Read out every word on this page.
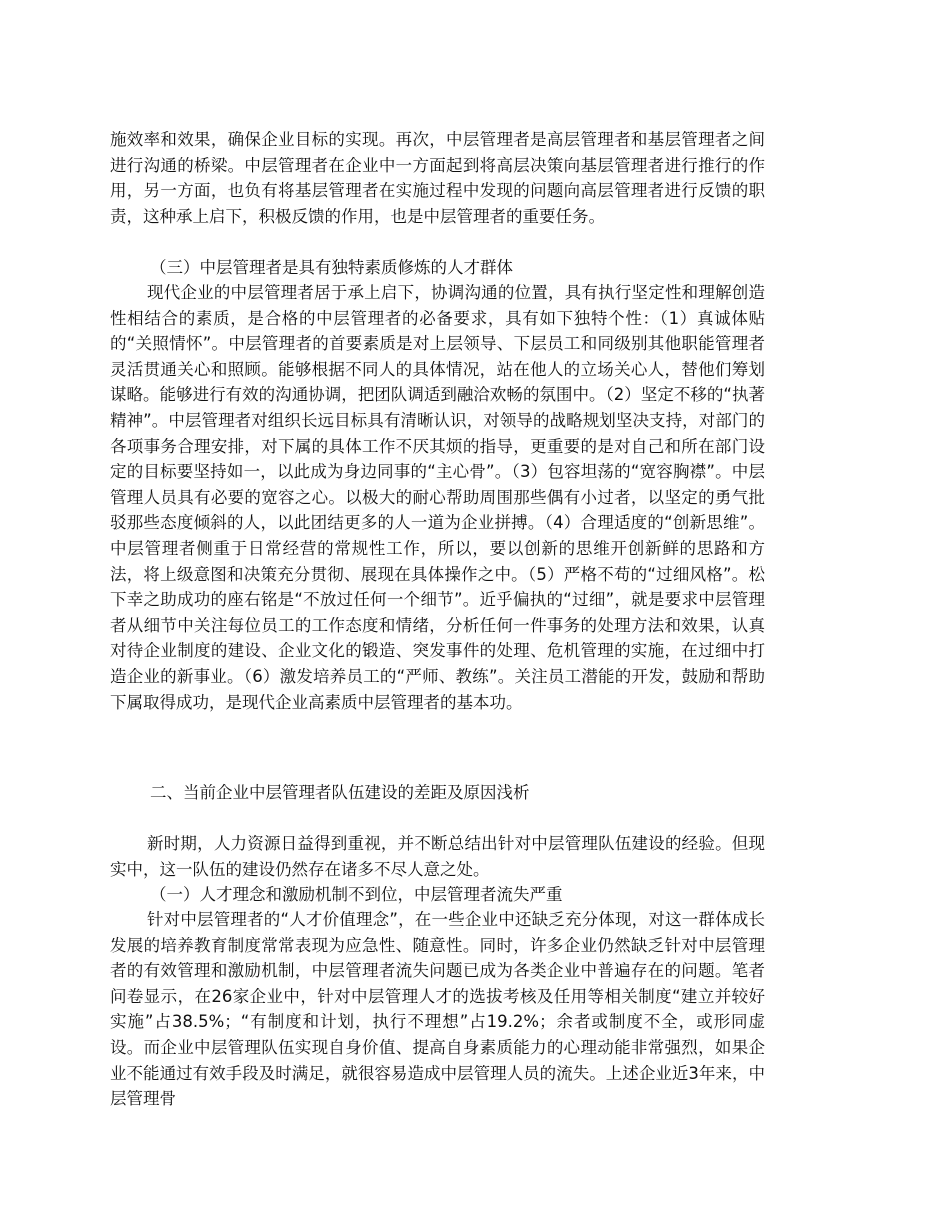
施效率和效果，确保企业目标的实现。再次，中层管理者是高层管理者和基层管理者之间进行沟通的桥梁。中层管理者在企业中一方面起到将高层决策向基层管理者进行推行的作用，另一方面，也负有将基层管理者在实施过程中发现的问题向高层管理者进行反馈的职责，这种承上启下，积极反馈的作用，也是中层管理者的重要任务。

（三）中层管理者是具有独特素质修炼的人才群体

现代企业的中层管理者居于承上启下，协调沟通的位置，具有执行坚定性和理解创造性相结合的素质，是合格的中层管理者的必备要求，具有如下独特个性：（1）真诚体贴的“关照情怀”。中层管理者的首要素质是对上层领导、下层员工和同级别其他职能管理者灵活贯通关心和照顾。能够根据不同人的具体情况，站在他人的立场关心人，替他们筹划谋略。能够进行有效的沟通协调，把团队调适到融洽欢畅的氛围中。（2）坚定不移的“执著精神”。中层管理者对组织长远目标具有清晰认识，对领导的战略规划坚决支持，对部门的各项事务合理安排，对下属的具体工作不厌其烦的指导，更重要的是对自己和所在部门设定的目标要坚持如一，以此成为身边同事的“主心骨”。（3）包容坦荡的“宽容胸襟”。中层管理人员具有必要的宽容之心。以极大的耐心帮助周围那些偶有小过者，以坚定的勇气批驳那些态度倾斜的人，以此团结更多的人一道为企业拼搏。（4）合理适度的“创新思维”。中层管理者侧重于日常经营的常规性工作，所以，要以创新的思维开创新鲜的思路和方法，将上级意图和决策充分贯彻、展现在具体操作之中。（5）严格不苟的“过细风格”。松下幸之助成功的座右铭是“不放过任何一个细节”。近乎偏执的“过细”，就是要求中层管理者从细节中关注每位员工的工作态度和情绪，分析任何一件事务的处理方法和效果，认真对待企业制度的建设、企业文化的锻造、突发事件的处理、危机管理的实施，在过细中打造企业的新事业。（6）激发培养员工的“严师、教练”。关注员工潜能的开发，鼓励和帮助下属取得成功，是现代企业高素质中层管理者的基本功。

二、当前企业中层管理者队伍建设的差距及原因浅析

新时期，人力资源日益得到重视，并不断总结出针对中层管理队伍建设的经验。但现实中，这一队伍的建设仍然存在诸多不尽人意之处。

（一）人才理念和激励机制不到位，中层管理者流失严重

针对中层管理者的“人才价值理念”，在一些企业中还缺乏充分体现，对这一群体成长发展的培养教育制度常常表现为应急性、随意性。同时，许多企业仍然缺乏针对中层管理者的有效管理和激励机制，中层管理者流失问题已成为各类企业中普遍存在的问题。笔者问卷显示，在26家企业中，针对中层管理人才的选拔考核及任用等相关制度“建立并较好实施”占38.5%；“有制度和计划，执行不理想”占19.2%；余者或制度不全，或形同虚设。而企业中层管理队伍实现自身价值、提高自身素质能力的心理动能非常强烈，如果企业不能通过有效手段及时满足，就很容易造成中层管理人员的流失。上述企业近3年来，中层管理骨
